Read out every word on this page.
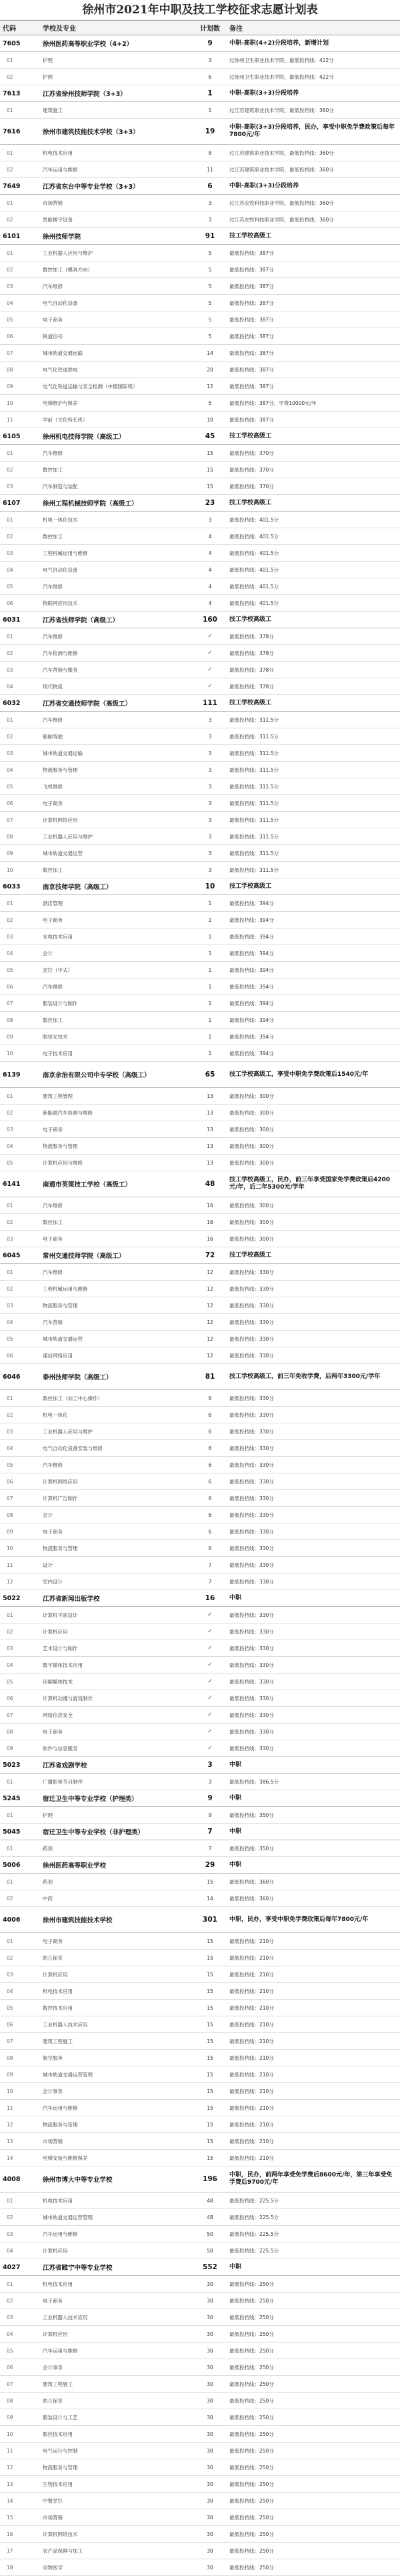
徐州市2021年中职及技工学校征求志愿计划表
代码	学校及专业	计划数	备注
7605	徐州医药高等职业学校（4+2）	9	中职-高职(4+2)分段培养，新增计划
01	护理	3	过徐州卫生职业技术学院，最低投档线：422分
02	护理	6	过徐州卫生职业技术学院，最低投档线：422分
7613	江苏省徐州技师学院（3+3）	1	中职-高职(3+3)分段培养
01	建筑施工	1	过江苏建筑职业技术学院，最低投档线：360分
7616	徐州市建筑技能技术学校（3+3）	19	中职-高职(3+3)分段培养，民办，享受中职免学费政策后每年7800元/年
01	机电技术应用	8	过江苏建筑职业技术学院，最低投档线：360分
02	汽车运用与维修	11	过江苏建筑职业技术学院，最低投档线：360分
7649	江苏省东台中等专业学校（3+3）	6	中职-高职(3+3)分段培养
01	市场营销	3	过江苏农牧科技职业学院，最低投档线：360分
02	智能楼宇设备	3	过江苏农牧科技职业学院，最低投档线：360分
6101	徐州技师学院	91	技工学校高级工
01	工业机器人应用与维护	5	最低投档线：387分
02	数控加工（模具方向）	5	最低投档线：387分
03	汽车维修	5	最低投档线：387分
04	电气自动化设备	5	最低投档线：387分
05	电子商务	5	最低投档线：387分
06	铁道信号	5	最低投档线：387分
07	城市轨道交通运输	14	最低投档线：387分
08	电气化铁道供电	20	最低投档线：387分
09	电气化铁道运输与安全检测（中德国际班）	12	最低投档线：387分
10	电梯维护与保养	5	最低投档线：387分，学费10000元/年
11	学前（文化特长班）	10	最低投档线：387分
6105	徐州机电技师学院（高级工）	45	技工学校高级工
01	汽车维修	15	最低投档线：370分
02	数控加工	15	最低投档线：370分
03	汽车制造与装配	15	最低投档线：370分
6107	徐州工程机械技师学院（高级工）	23	技工学校高级工
01	机电一体化技术	3	最低投档线：401.5分
02	数控加工	4	最低投档线：401.5分
03	工程机械运用与维修	4	最低投档线：401.5分
04	电气自动化设备	4	最低投档线：401.5分
05	汽车维修	4	最低投档线：401.5分
06	物联网应用技术	4	最低投档线：401.5分
6031	江苏省技师学院（高级工）	160	技工学校高级工
01	汽车维修	✓	最低投档线：378分
02	汽车检测与维修	✓	最低投档线：378分
03	汽车营销与服务	✓	最低投档线：378分
04	现代物流	✓	最低投档线：378分
6032	江苏省交通技师学院（高级工）	111	技工学校高级工
01	汽车维修	3	最低投档线：311.5分
02	船舶驾驶	3	最低投档线：311.5分
03	城市轨道交通运输	3	最低投档线：311.5分
04	物流服务与管理	3	最低投档线：311.5分
05	飞机维修	3	最低投档线：311.5分
06	电子商务	3	最低投档线：311.5分
07	计算机网络应用	3	最低投档线：311.5分
08	工业机器人应用与维护	3	最低投档线：311.5分
09	城市轨道交通运营	3	最低投档线：311.5分
10	数控加工	3	最低投档线：311.5分
6033	南京技师学院（高级工）	10	技工学校高级工
01	酒店管理	1	最低投档线：394分
02	电子商务	1	最低投档线：394分
03	光电技术应用	1	最低投档线：394分
04	会计	1	最低投档线：394分
05	烹饪（中式）	1	最低投档线：394分
06	汽车维修	1	最低投档线：394分
07	服装设计与制作	1	最低投档线：394分
08	数控加工	1	最低投档线：394分
09	眼视光技术	1	最低投档线：394分
10	电子技术应用	1	最低投档线：394分
6139	南京余治有限公司中专学校（高级工）	65	技工学校高级工，享受中职免学费政策后1540元/年
01	建筑工程管理	13	最低投档线：300分
02	新能源汽车检测与维修	13	最低投档线：300分
03	电子商务	13	最低投档线：300分
04	物流服务与管理	13	最低投档线：300分
05	计算机应用与维修	13	最低投档线：300分
6141	南通市英策技工学校（高级工）	48	技工学校高级工，民办，前三年享受国家免学费政策后4200元/年，后二年5300元/学年
01	汽车维修	16	最低投档线：300分
02	数控加工	16	最低投档线：300分
03	电子商务	16	最低投档线：300分
6045	常州交通技师学院（高级工）	72	技工学校高级工
01	汽车维修	12	最低投档线：330分
02	工程机械运用与维修	12	最低投档线：330分
03	物流服务与管理	12	最低投档线：330分
04	汽车营销	12	最低投档线：330分
05	城市轨道交通运营	12	最低投档线：330分
06	通信网络应用	12	最低投档线：330分
6046	泰州技师学院（高级工）	81	技工学校高级工，前三年免收学费，后两年3300元/学年
01	数控加工（加工中心操作）	6	最低投档线：330分
02	机电一体化	6	最低投档线：330分
03	工业机器人应用与维护	6	最低投档线：330分
04	电气自动化设备安装与维修	6	最低投档线：330分
05	汽车维修	6	最低投档线：330分
06	计算机网络应用	6	最低投档线：330分
07	计算机广告制作	6	最低投档线：330分
08	会计	6	最低投档线：330分
09	电子商务	6	最低投档线：330分
10	物流服务与管理	6	最低投档线：330分
11	设计	7	最低投档线：330分
12	室内设计	7	最低投档线：330分
5022	江苏省新闻出版学校	16	中职
01	计算机平面设计	✓	最低投档线：330分
02	计算机应用	✓	最低投档线：330分
03	艺术设计与制作	✓	最低投档线：330分
04	数字媒体技术应用	✓	最低投档线：330分
05	印刷媒体技术	✓	最低投档线：330分
06	计算机动漫与游戏制作	✓	最低投档线：330分
07	网络信息安全	✓	最低投档线：330分
08	电子商务	✓	最低投档线：330分
09	软件与信息服务	✓	最低投档线：330分
5023	江苏省戏剧学校	3	中职
01	广播影视节目制作	3	最低投档线：386.5分
5245	宿迁卫生中等专业学校（护理类）	9	中职
01	护理	9	最低投档线：350分
5045	宿迁卫生中等专业学校（非护理类）	7	中职
01	药剂	7	最低投档线：350分
5006	徐州医药高等职业学校	29	中职
01	药剂	15	最低投档线：360分
02	中药	14	最低投档线：360分
4006	徐州市建筑技能技术学校	301	中职，民办，享受中职免学费政策后每年7800元/年
01	电子商务	15	最低投档线：210分
02	幼儿保育	15	最低投档线：210分
03	计算机应用	15	最低投档线：210分
04	机电技术应用	15	最低投档线：210分
05	数控技术应用	15	最低投档线：210分
06	工业机器人技术应用	15	最低投档线：210分
07	建筑工程施工	15	最低投档线：210分
08	航空服务	15	最低投档线：210分
09	城市轨道交通运营管理	15	最低投档线：210分
10	会计事务	15	最低投档线：210分
11	汽车运用与维修	15	最低投档线：210分
12	物流服务与管理	15	最低投档线：210分
13	市场营销	15	最低投档线：210分
14	电梯安装与维修保养	15	最低投档线：210分
4008	徐州市博大中等专业学校	196	中职，民办，前两年享受免学费后8600元/年，第三年享受免学费后9700元/年
01	机电技术应用	48	最低投档线：225.5分
02	城市轨道交通运营管理	48	最低投档线：225.5分
03	汽车运用与维修	50	最低投档线：225.5分
04	计算机应用	50	最低投档线：225.5分
4027	江苏省睢宁中等专业学校	552	中职
01	机电技术应用	30	最低投档线：250分
02	电子商务	30	最低投档线：250分
03	工业机器人技术应用	30	最低投档线：250分
04	计算机应用	30	最低投档线：250分
05	汽车运用与维修	30	最低投档线：250分
06	会计事务	30	最低投档线：250分
07	建筑工程施工	30	最低投档线：250分
08	幼儿保育	30	最低投档线：250分
09	服装设计与工艺	30	最低投档线：250分
10	数控技术应用	30	最低投档线：250分
11	电气运行与控制	30	最低投档线：250分
12	物流服务与管理	30	最低投档线：250分
13	生物技术应用	30	最低投档线：250分
14	中餐烹饪	30	最低投档线：250分
15	市场营销	30	最低投档线：250分
16	计算机网络技术	30	最低投档线：250分
17	农产品保鲜与加工	30	最低投档线：250分
18	动物医学	30	最低投档线：250分
